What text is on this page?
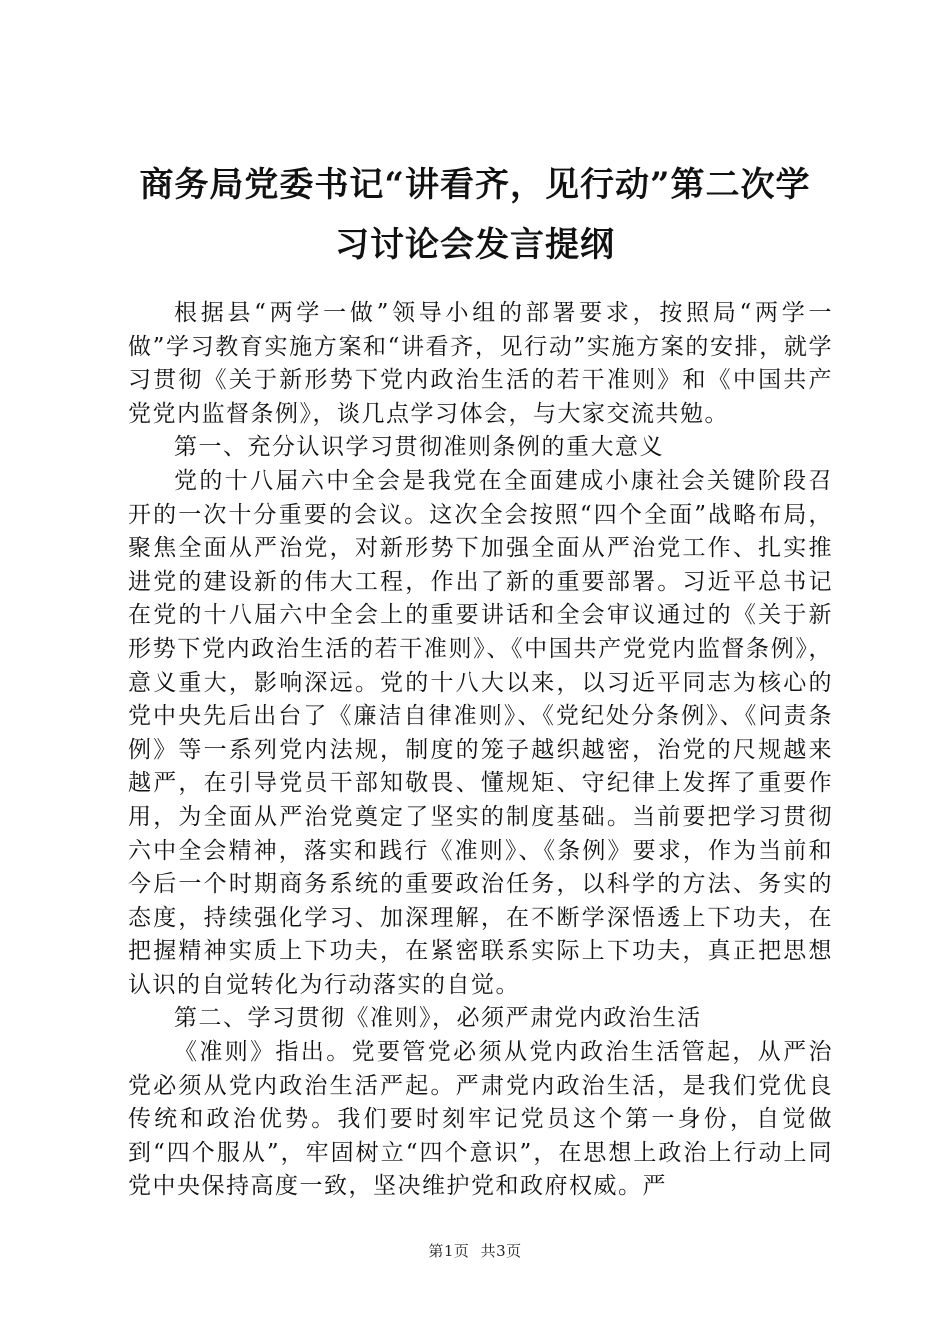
商务局党委书记“讲看齐，见行动”第二次学
习讨论会发言提纲

根据县“两学一做”领导小组的部署要求，按照局“两学一做”学习教育实施方案和“讲看齐，见行动”实施方案的安排，就学习贯彻《关于新形势下党内政治生活的若干准则》和《中国共产党党内监督条例》，谈几点学习体会，与大家交流共勉。

第一、充分认识学习贯彻准则条例的重大意义

党的十八届六中全会是我党在全面建成小康社会关键阶段召开的一次十分重要的会议。这次全会按照“四个全面”战略布局，聚焦全面从严治党，对新形势下加强全面从严治党工作、扎实推进党的建设新的伟大工程，作出了新的重要部署。习近平总书记在党的十八届六中全会上的重要讲话和全会审议通过的《关于新形势下党内政治生活的若干准则》、《中国共产党党内监督条例》，意义重大，影响深远。党的十八大以来，以习近平同志为核心的党中央先后出台了《廉洁自律准则》、《党纪处分条例》、《问责条例》等一系列党内法规，制度的笼子越织越密，治党的尺规越来越严，在引导党员干部知敬畏、懂规矩、守纪律上发挥了重要作用，为全面从严治党奠定了坚实的制度基础。当前要把学习贯彻六中全会精神，落实和践行《准则》、《条例》要求，作为当前和今后一个时期商务系统的重要政治任务，以科学的方法、务实的态度，持续强化学习、加深理解，在不断学深悟透上下功夫，在把握精神实质上下功夫，在紧密联系实际上下功夫，真正把思想认识的自觉转化为行动落实的自觉。

第二、学习贯彻《准则》，必须严肃党内政治生活

《准则》指出。党要管党必须从党内政治生活管起，从严治党必须从党内政治生活严起。严肃党内政治生活，是我们党优良传统和政治优势。我们要时刻牢记党员这个第一身份，自觉做到“四个服从”，牢固树立“四个意识”，在思想上政治上行动上同党中央保持高度一致，坚决维护党和政府权威。严

第1页 共3页
